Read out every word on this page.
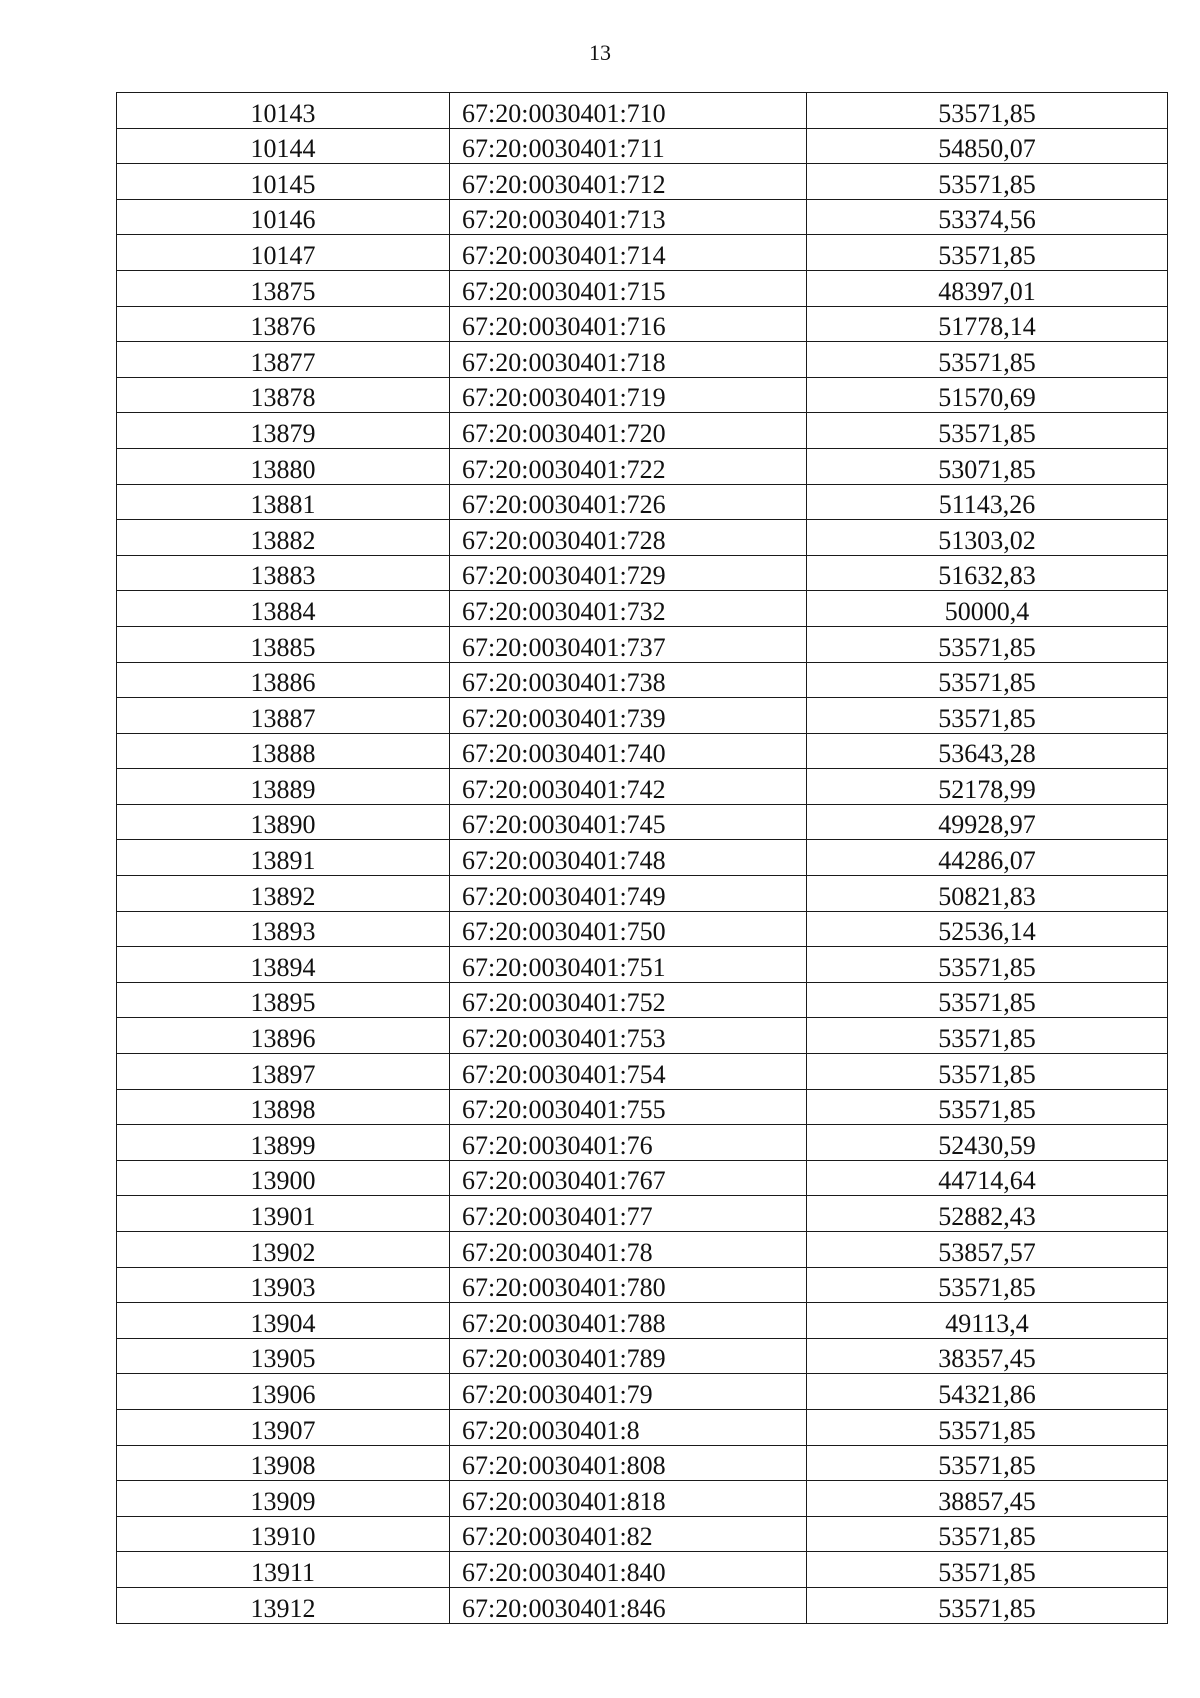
13
10143	67:20:0030401:710	53571,85
10144	67:20:0030401:711	54850,07
10145	67:20:0030401:712	53571,85
10146	67:20:0030401:713	53374,56
10147	67:20:0030401:714	53571,85
13875	67:20:0030401:715	48397,01
13876	67:20:0030401:716	51778,14
13877	67:20:0030401:718	53571,85
13878	67:20:0030401:719	51570,69
13879	67:20:0030401:720	53571,85
13880	67:20:0030401:722	53071,85
13881	67:20:0030401:726	51143,26
13882	67:20:0030401:728	51303,02
13883	67:20:0030401:729	51632,83
13884	67:20:0030401:732	50000,4
13885	67:20:0030401:737	53571,85
13886	67:20:0030401:738	53571,85
13887	67:20:0030401:739	53571,85
13888	67:20:0030401:740	53643,28
13889	67:20:0030401:742	52178,99
13890	67:20:0030401:745	49928,97
13891	67:20:0030401:748	44286,07
13892	67:20:0030401:749	50821,83
13893	67:20:0030401:750	52536,14
13894	67:20:0030401:751	53571,85
13895	67:20:0030401:752	53571,85
13896	67:20:0030401:753	53571,85
13897	67:20:0030401:754	53571,85
13898	67:20:0030401:755	53571,85
13899	67:20:0030401:76	52430,59
13900	67:20:0030401:767	44714,64
13901	67:20:0030401:77	52882,43
13902	67:20:0030401:78	53857,57
13903	67:20:0030401:780	53571,85
13904	67:20:0030401:788	49113,4
13905	67:20:0030401:789	38357,45
13906	67:20:0030401:79	54321,86
13907	67:20:0030401:8	53571,85
13908	67:20:0030401:808	53571,85
13909	67:20:0030401:818	38857,45
13910	67:20:0030401:82	53571,85
13911	67:20:0030401:840	53571,85
13912	67:20:0030401:846	53571,85
